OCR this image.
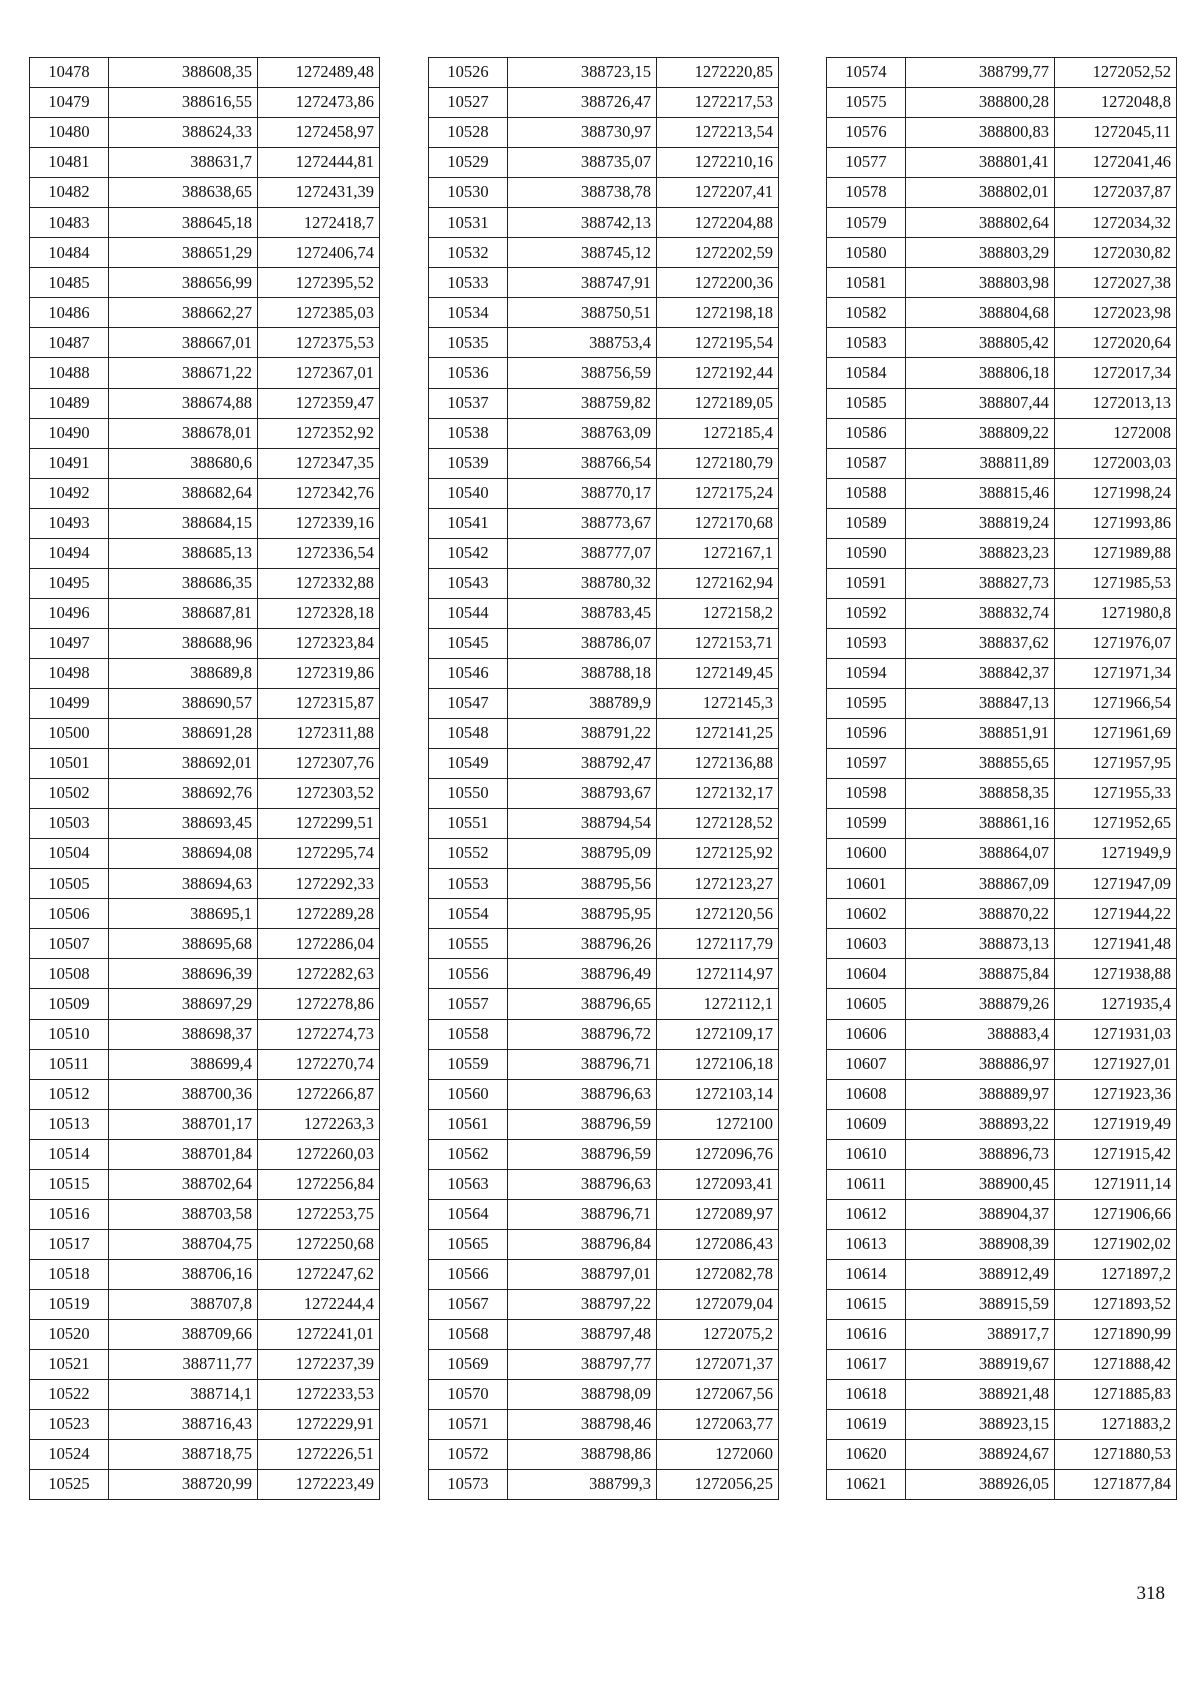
10478	388608,35	1272489,48
10479	388616,55	1272473,86
10480	388624,33	1272458,97
10481	388631,7	1272444,81
10482	388638,65	1272431,39
10483	388645,18	1272418,7
10484	388651,29	1272406,74
10485	388656,99	1272395,52
10486	388662,27	1272385,03
10487	388667,01	1272375,53
10488	388671,22	1272367,01
10489	388674,88	1272359,47
10490	388678,01	1272352,92
10491	388680,6	1272347,35
10492	388682,64	1272342,76
10493	388684,15	1272339,16
10494	388685,13	1272336,54
10495	388686,35	1272332,88
10496	388687,81	1272328,18
10497	388688,96	1272323,84
10498	388689,8	1272319,86
10499	388690,57	1272315,87
10500	388691,28	1272311,88
10501	388692,01	1272307,76
10502	388692,76	1272303,52
10503	388693,45	1272299,51
10504	388694,08	1272295,74
10505	388694,63	1272292,33
10506	388695,1	1272289,28
10507	388695,68	1272286,04
10508	388696,39	1272282,63
10509	388697,29	1272278,86
10510	388698,37	1272274,73
10511	388699,4	1272270,74
10512	388700,36	1272266,87
10513	388701,17	1272263,3
10514	388701,84	1272260,03
10515	388702,64	1272256,84
10516	388703,58	1272253,75
10517	388704,75	1272250,68
10518	388706,16	1272247,62
10519	388707,8	1272244,4
10520	388709,66	1272241,01
10521	388711,77	1272237,39
10522	388714,1	1272233,53
10523	388716,43	1272229,91
10524	388718,75	1272226,51
10525	388720,99	1272223,49
10526	388723,15	1272220,85
10527	388726,47	1272217,53
10528	388730,97	1272213,54
10529	388735,07	1272210,16
10530	388738,78	1272207,41
10531	388742,13	1272204,88
10532	388745,12	1272202,59
10533	388747,91	1272200,36
10534	388750,51	1272198,18
10535	388753,4	1272195,54
10536	388756,59	1272192,44
10537	388759,82	1272189,05
10538	388763,09	1272185,4
10539	388766,54	1272180,79
10540	388770,17	1272175,24
10541	388773,67	1272170,68
10542	388777,07	1272167,1
10543	388780,32	1272162,94
10544	388783,45	1272158,2
10545	388786,07	1272153,71
10546	388788,18	1272149,45
10547	388789,9	1272145,3
10548	388791,22	1272141,25
10549	388792,47	1272136,88
10550	388793,67	1272132,17
10551	388794,54	1272128,52
10552	388795,09	1272125,92
10553	388795,56	1272123,27
10554	388795,95	1272120,56
10555	388796,26	1272117,79
10556	388796,49	1272114,97
10557	388796,65	1272112,1
10558	388796,72	1272109,17
10559	388796,71	1272106,18
10560	388796,63	1272103,14
10561	388796,59	1272100
10562	388796,59	1272096,76
10563	388796,63	1272093,41
10564	388796,71	1272089,97
10565	388796,84	1272086,43
10566	388797,01	1272082,78
10567	388797,22	1272079,04
10568	388797,48	1272075,2
10569	388797,77	1272071,37
10570	388798,09	1272067,56
10571	388798,46	1272063,77
10572	388798,86	1272060
10573	388799,3	1272056,25
10574	388799,77	1272052,52
10575	388800,28	1272048,8
10576	388800,83	1272045,11
10577	388801,41	1272041,46
10578	388802,01	1272037,87
10579	388802,64	1272034,32
10580	388803,29	1272030,82
10581	388803,98	1272027,38
10582	388804,68	1272023,98
10583	388805,42	1272020,64
10584	388806,18	1272017,34
10585	388807,44	1272013,13
10586	388809,22	1272008
10587	388811,89	1272003,03
10588	388815,46	1271998,24
10589	388819,24	1271993,86
10590	388823,23	1271989,88
10591	388827,73	1271985,53
10592	388832,74	1271980,8
10593	388837,62	1271976,07
10594	388842,37	1271971,34
10595	388847,13	1271966,54
10596	388851,91	1271961,69
10597	388855,65	1271957,95
10598	388858,35	1271955,33
10599	388861,16	1271952,65
10600	388864,07	1271949,9
10601	388867,09	1271947,09
10602	388870,22	1271944,22
10603	388873,13	1271941,48
10604	388875,84	1271938,88
10605	388879,26	1271935,4
10606	388883,4	1271931,03
10607	388886,97	1271927,01
10608	388889,97	1271923,36
10609	388893,22	1271919,49
10610	388896,73	1271915,42
10611	388900,45	1271911,14
10612	388904,37	1271906,66
10613	388908,39	1271902,02
10614	388912,49	1271897,2
10615	388915,59	1271893,52
10616	388917,7	1271890,99
10617	388919,67	1271888,42
10618	388921,48	1271885,83
10619	388923,15	1271883,2
10620	388924,67	1271880,53
10621	388926,05	1271877,84
318
